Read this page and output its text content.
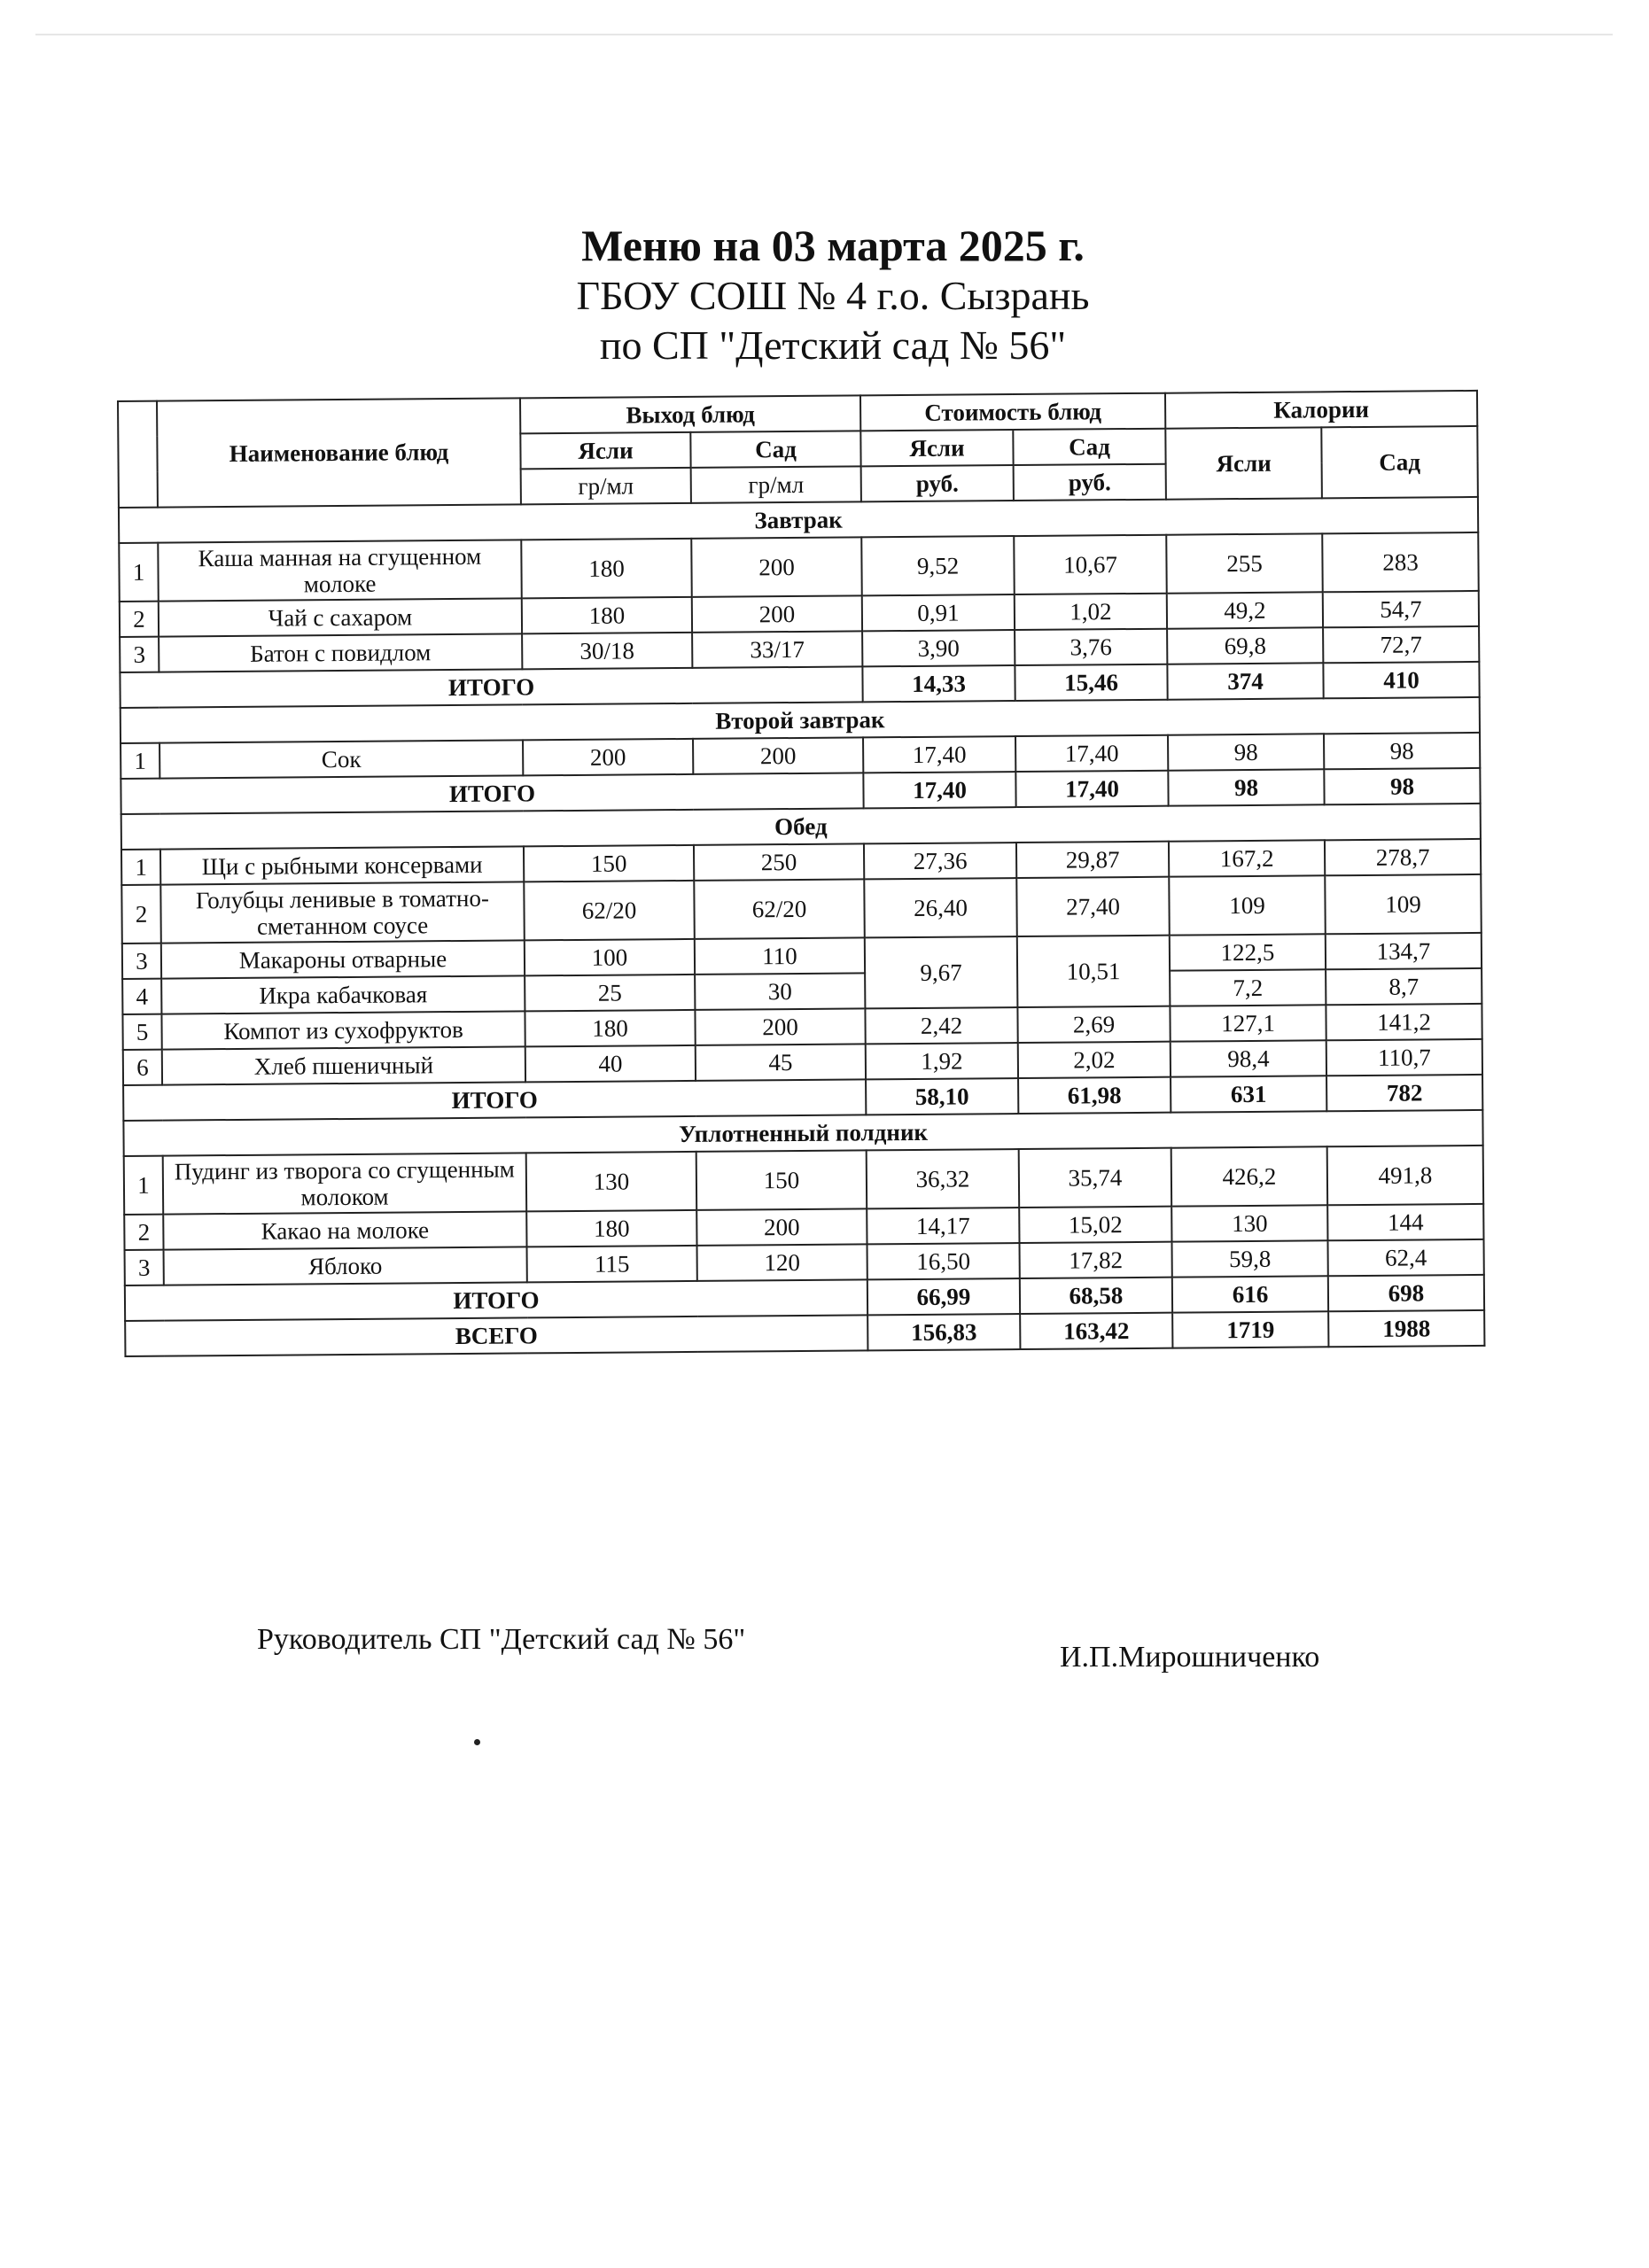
Меню на 03 марта 2025 г.
ГБОУ СОШ № 4 г.о. Сызрань
по СП "Детский сад № 56"
	Наименование блюд	Выход блюд		Стоимость блюд		Калории	
		Ясли	Сад	Ясли	Сад	Ясли	Сад
		гр/мл	гр/мл	руб.	руб.		
Завтрак							
1	Каша манная на сгущенном молоке	180	200	9,52	10,67	255	283
2	Чай с сахаром	180	200	0,91	1,02	49,2	54,7
3	Батон с повидлом	30/18	33/17	3,90	3,76	69,8	72,7
ИТОГО				14,33	15,46	374	410
Второй завтрак							
1	Сок	200	200	17,40	17,40	98	98
ИТОГО				17,40	17,40	98	98
Обед							
1	Щи с рыбными консервами	150	250	27,36	29,87	167,2	278,7
2	Голубцы ленивые в томатно-сметанном соусе	62/20	62/20	26,40	27,40	109	109
3	Макароны отварные	100	110	9,67	10,51	122,5	134,7
4	Икра кабачковая	25	30			7,2	8,7
5	Компот из сухофруктов	180	200	2,42	2,69	127,1	141,2
6	Хлеб пшеничный	40	45	1,92	2,02	98,4	110,7
ИТОГО				58,10	61,98	631	782
Уплотненный полдник							
1	Пудинг из творога со сгущенным молоком	130	150	36,32	35,74	426,2	491,8
2	Какао на молоке	180	200	14,17	15,02	130	144
3	Яблоко	115	120	16,50	17,82	59,8	62,4
ИТОГО				66,99	68,58	616	698
ВСЕГО				156,83	163,42	1719	1988
Руководитель СП "Детский сад № 56"
И.П.Мирошниченко
